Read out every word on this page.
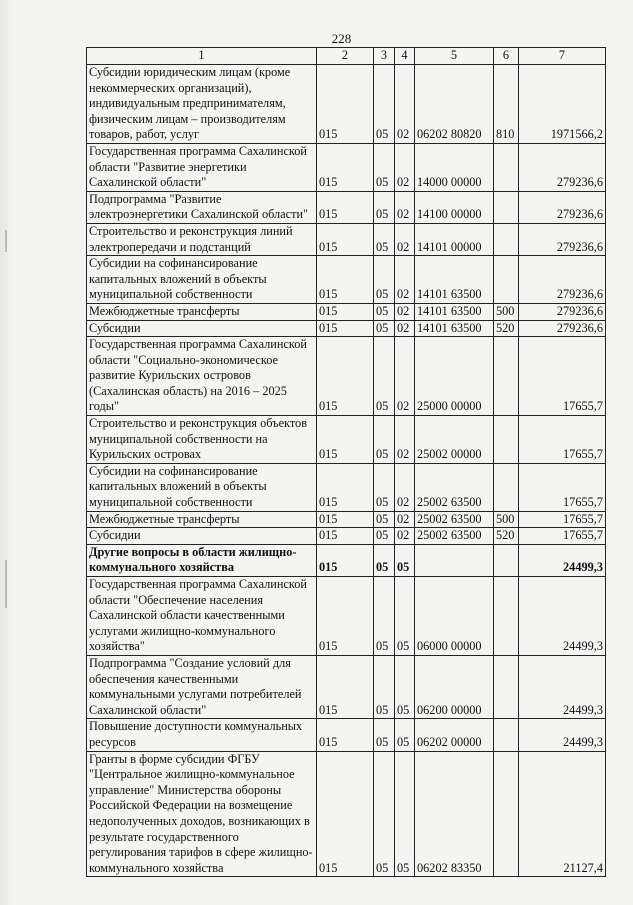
228
1	2	3	4	5	6	7
Субсидии юридическим лицам (кроме некоммерческих организаций), индивидуальным предпринимателям, физическим лицам – производителям товаров, работ, услуг	015	05	02	06202 80820	810	1971566,2
Государственная программа Сахалинской области "Развитие энергетики Сахалинской области"	015	05	02	14000 00000		279236,6
Подпрограмма "Развитие электроэнергетики Сахалинской области"	015	05	02	14100 00000		279236,6
Строительство и реконструкция линий электропередачи и подстанций	015	05	02	14101 00000		279236,6
Субсидии на софинансирование капитальных вложений в объекты муниципальной собственности	015	05	02	14101 63500		279236,6
Межбюджетные трансферты	015	05	02	14101 63500	500	279236,6
Субсидии	015	05	02	14101 63500	520	279236,6
Государственная программа Сахалинской области "Социально-экономическое развитие Курильских островов (Сахалинская область) на 2016 – 2025 годы"	015	05	02	25000 00000		17655,7
Строительство и реконструкция объектов муниципальной собственности на Курильских островах	015	05	02	25002 00000		17655,7
Субсидии на софинансирование капитальных вложений в объекты муниципальной собственности	015	05	02	25002 63500		17655,7
Межбюджетные трансферты	015	05	02	25002 63500	500	17655,7
Субсидии	015	05	02	25002 63500	520	17655,7
Другие вопросы в области жилищно-коммунального хозяйства	015	05	05			24499,3
Государственная программа Сахалинской области "Обеспечение населения Сахалинской области качественными услугами жилищно-коммунального хозяйства"	015	05	05	06000 00000		24499,3
Подпрограмма "Создание условий для обеспечения качественными коммунальными услугами потребителей Сахалинской области"	015	05	05	06200 00000		24499,3
Повышение доступности коммунальных ресурсов	015	05	05	06202 00000		24499,3
Гранты в форме субсидии ФГБУ "Центральное жилищно-коммунальное управление" Министерства обороны Российской Федерации на возмещение недополученных доходов, возникающих в результате государственного регулирования тарифов в сфере жилищно-коммунального хозяйства	015	05	05	06202 83350		21127,4
